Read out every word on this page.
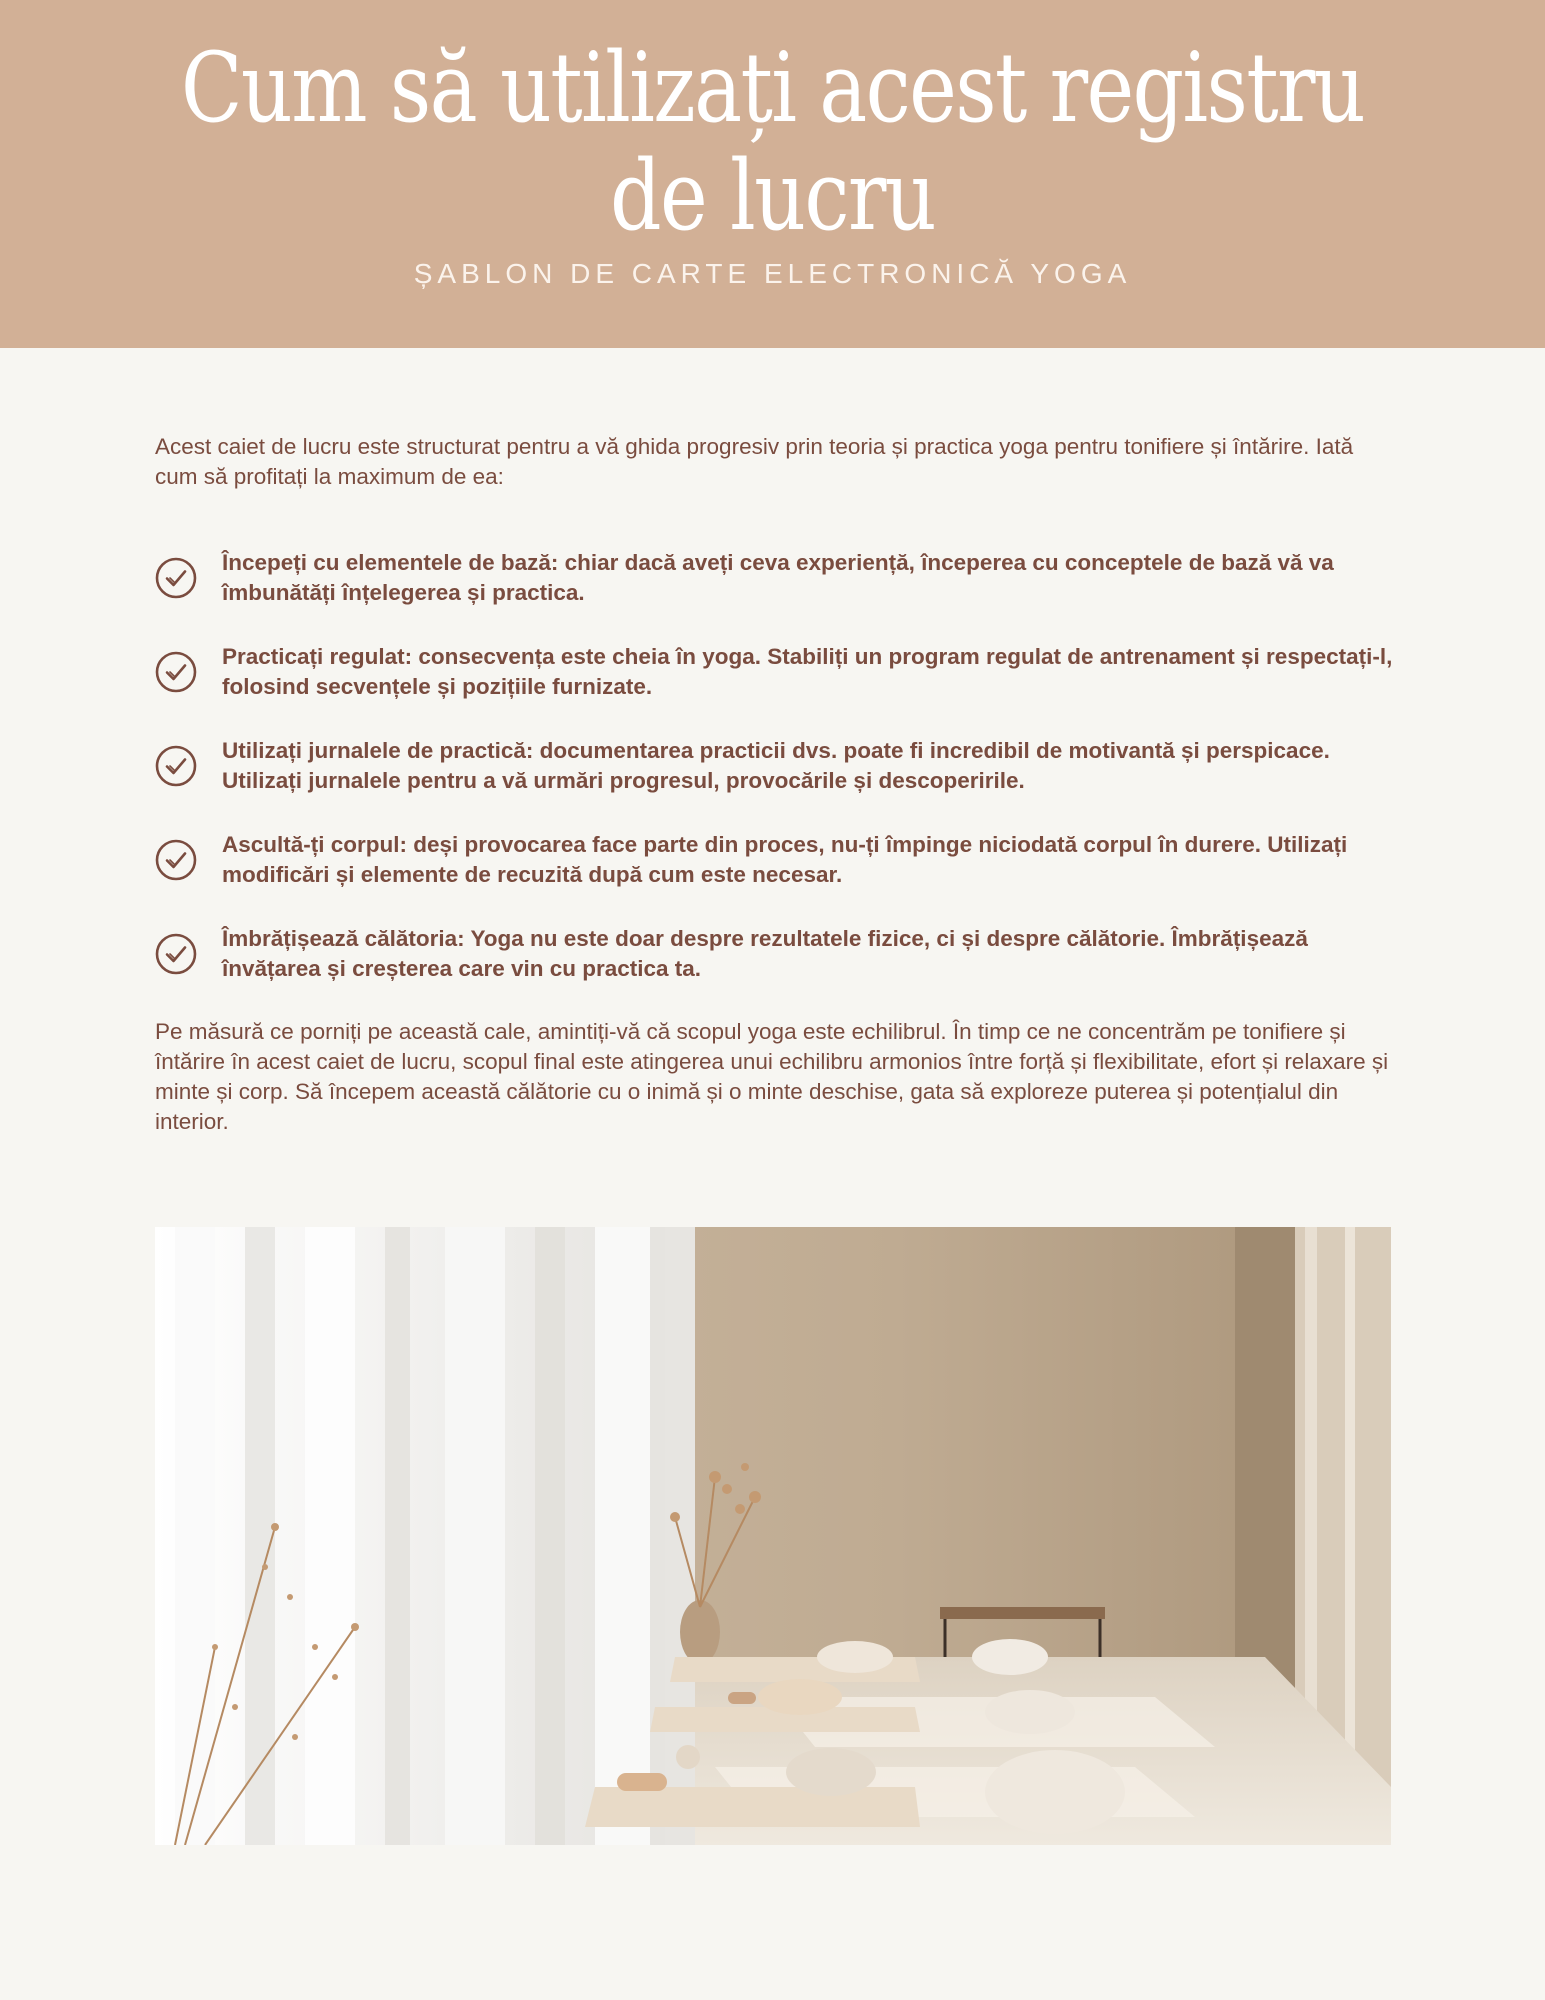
Cum să utilizați acest registru de lucru
ȘABLON DE CARTE ELECTRONICĂ YOGA

Acest caiet de lucru este structurat pentru a vă ghida progresiv prin teoria și practica yoga pentru tonifiere și întărire. Iată cum să profitați la maximum de ea:

Începeți cu elementele de bază: chiar dacă aveți ceva experiență, începerea cu conceptele de bază vă va îmbunătăți înțelegerea și practica.
Practicați regulat: consecvența este cheia în yoga. Stabiliți un program regulat de antrenament și respectați-l, folosind secvențele și pozițiile furnizate.
Utilizați jurnalele de practică: documentarea practicii dvs. poate fi incredibil de motivantă și perspicace. Utilizați jurnalele pentru a vă urmări progresul, provocările și descoperirile.
Ascultă-ți corpul: deși provocarea face parte din proces, nu-ți împinge niciodată corpul în durere. Utilizați modificări și elemente de recuzită după cum este necesar.
Îmbrățișează călătoria: Yoga nu este doar despre rezultatele fizice, ci și despre călătorie. Îmbrățișează învățarea și creșterea care vin cu practica ta.

Pe măsură ce porniți pe această cale, amintiți-vă că scopul yoga este echilibrul. În timp ce ne concentrăm pe tonifiere și întărire în acest caiet de lucru, scopul final este atingerea unui echilibru armonios între forță și flexibilitate, efort și relaxare și minte și corp. Să începem această călătorie cu o inimă și o minte deschise, gata să exploreze puterea și potențialul din interior.
